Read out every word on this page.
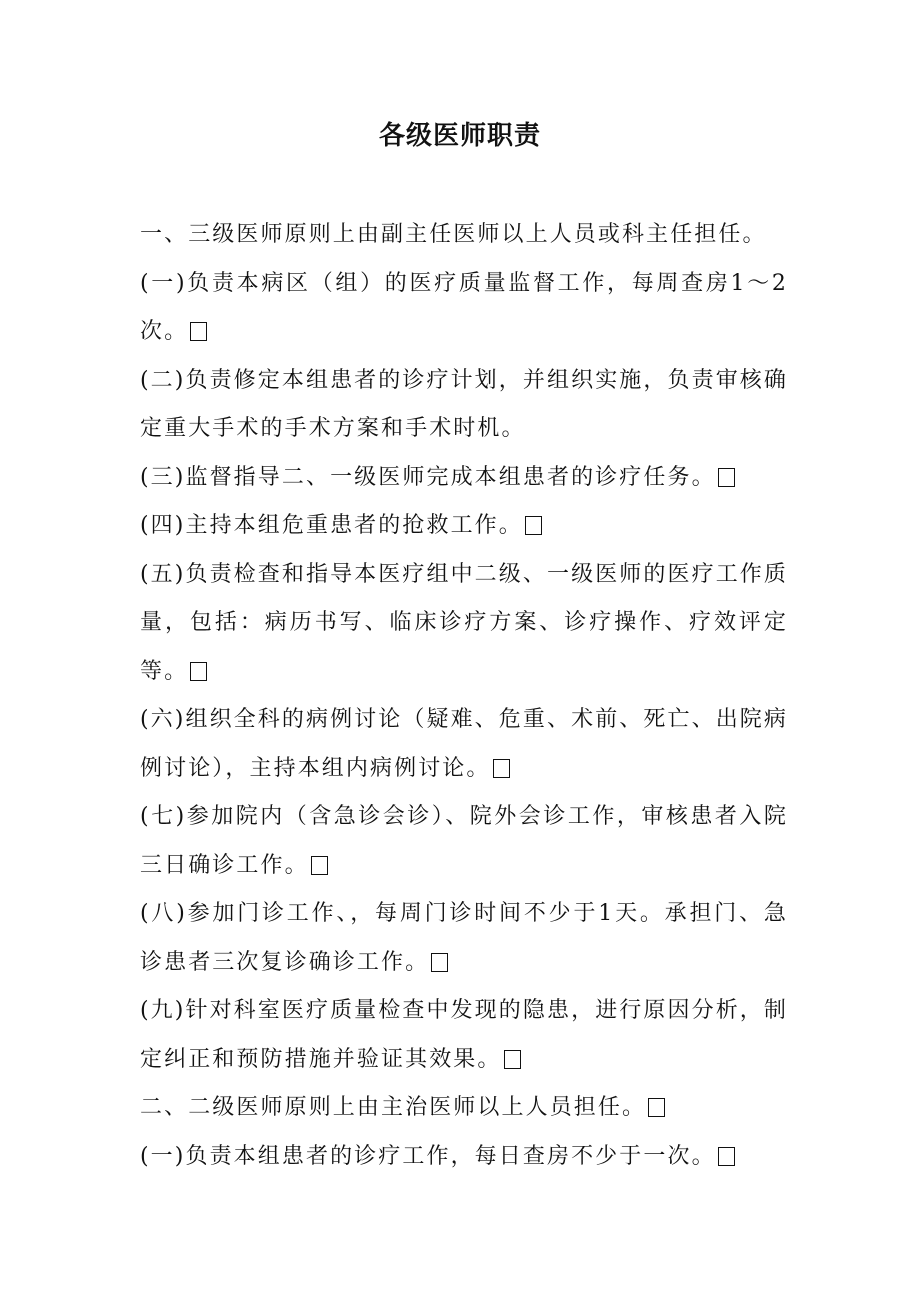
各级医师职责

一、三级医师原则上由副主任医师以上人员或科主任担任。

(一)负责本病区（组）的医疗质量监督工作，每周查房1～2次。

(二)负责修定本组患者的诊疗计划，并组织实施，负责审核确定重大手术的手术方案和手术时机。

(三)监督指导二、一级医师完成本组患者的诊疗任务。

(四)主持本组危重患者的抢救工作。

(五)负责检查和指导本医疗组中二级、一级医师的医疗工作质量，包括：病历书写、临床诊疗方案、诊疗操作、疗效评定等。

(六)组织全科的病例讨论（疑难、危重、术前、死亡、出院病例讨论），主持本组内病例讨论。

(七)参加院内（含急诊会诊）、院外会诊工作，审核患者入院三日确诊工作。

(八)参加门诊工作、，每周门诊时间不少于1天。承担门、急诊患者三次复诊确诊工作。

(九)针对科室医疗质量检查中发现的隐患，进行原因分析，制定纠正和预防措施并验证其效果。

二、二级医师原则上由主治医师以上人员担任。

(一)负责本组患者的诊疗工作，每日查房不少于一次。
